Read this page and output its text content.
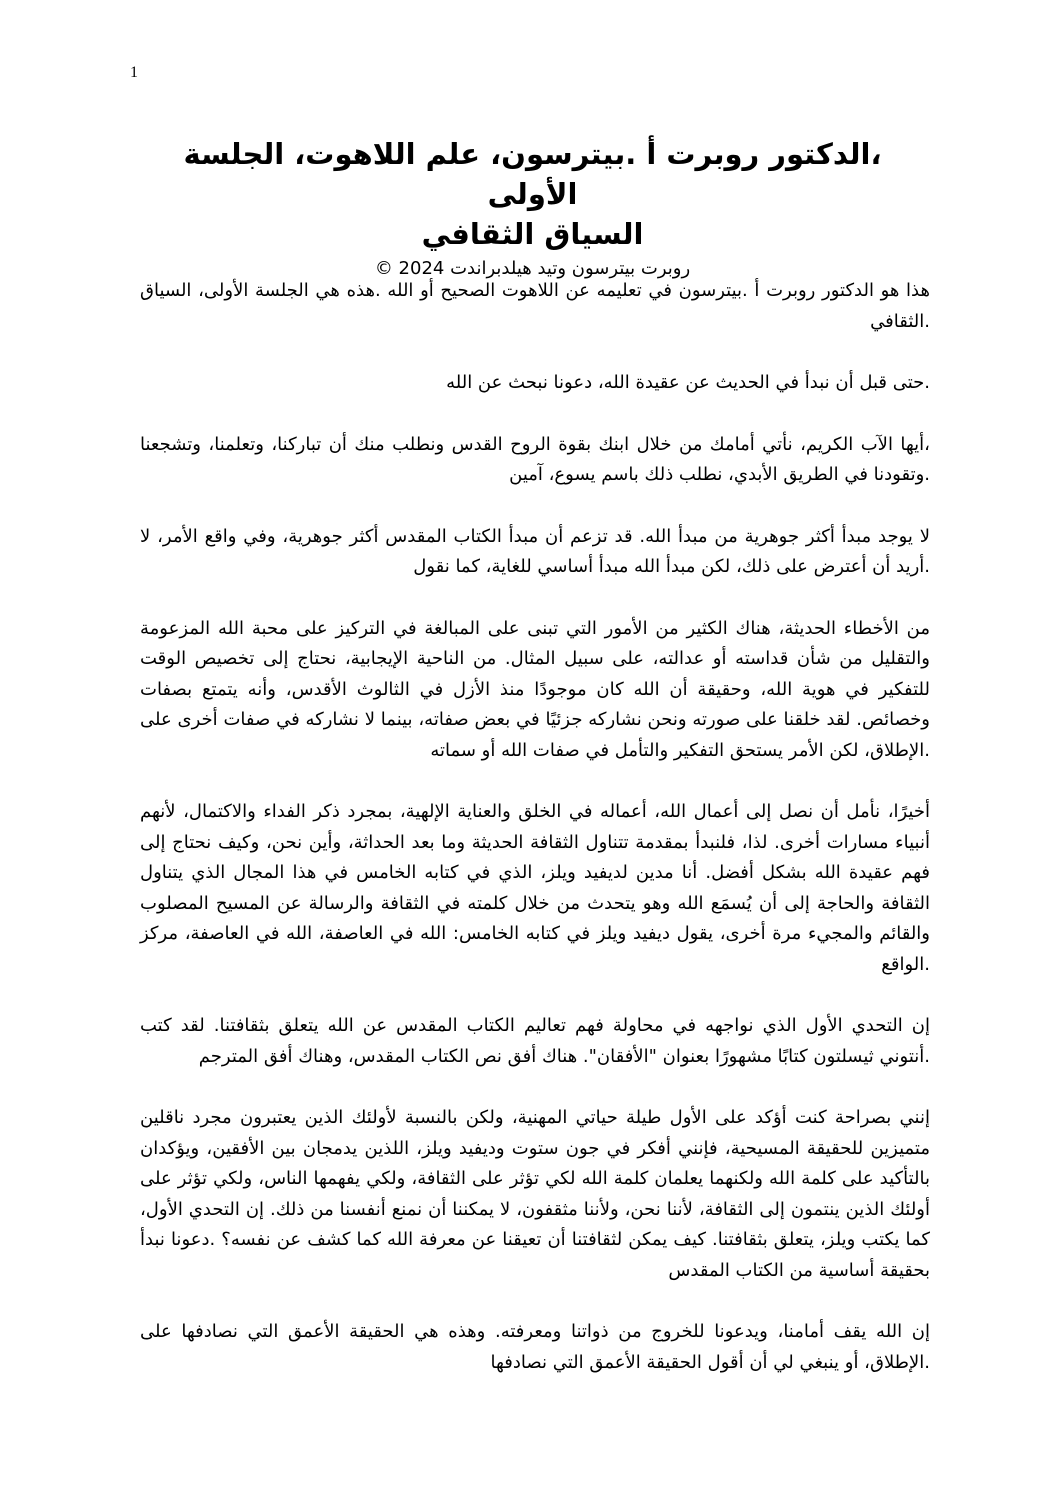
1

،الدكتور روبرت أ .بيترسون، علم اللاهوت، الجلسة الأولى

السياق الثقافي

روبرت بيترسون وتيد هيلدبراندت 2024 ©

هذا هو الدكتور روبرت أ .بيترسون في تعليمه عن اللاهوت الصحيح أو الله .هذه هي الجلسة الأولى، السياق .الثقافي

.حتى قبل أن نبدأ في الحديث عن عقيدة الله، دعونا نبحث عن الله

،أيها الآب الكريم، نأتي أمامك من خلال ابنك بقوة الروح القدس ونطلب منك أن تباركنا، وتعلمنا، وتشجعنا .وتقودنا في الطريق الأبدي، نطلب ذلك باسم يسوع، آمين

لا يوجد مبدأ أكثر جوهرية من مبدأ الله. قد تزعم أن مبدأ الكتاب المقدس أكثر جوهرية، وفي واقع الأمر، لا .أريد أن أعترض على ذلك، لكن مبدأ الله مبدأ أساسي للغاية، كما نقول

من الأخطاء الحديثة، هناك الكثير من الأمور التي تبنى على المبالغة في التركيز على محبة الله المزعومة والتقليل من شأن قداسته أو عدالته، على سبيل المثال. من الناحية الإيجابية، نحتاج إلى تخصيص الوقت للتفكير في هوية الله، وحقيقة أن الله كان موجودًا منذ الأزل في الثالوث الأقدس، وأنه يتمتع بصفات وخصائص. لقد خلقنا على صورته ونحن نشاركه جزئيًا في بعض صفاته، بينما لا نشاركه في صفات أخرى على .الإطلاق، لكن الأمر يستحق التفكير والتأمل في صفات الله أو سماته

أخيرًا، نأمل أن نصل إلى أعمال الله، أعماله في الخلق والعناية الإلهية، بمجرد ذكر الفداء والاكتمال، لأنهم أنبياء مسارات أخرى. لذا، فلنبدأ بمقدمة تتناول الثقافة الحديثة وما بعد الحداثة، وأين نحن، وكيف نحتاج إلى فهم عقيدة الله بشكل أفضل. أنا مدين لديفيد ويلز، الذي في كتابه الخامس في هذا المجال الذي يتناول الثقافة والحاجة إلى أن يُسمَع الله وهو يتحدث من خلال كلمته في الثقافة والرسالة عن المسيح المصلوب والقائم والمجيء مرة أخرى، يقول ديفيد ويلز في كتابه الخامس: الله في العاصفة، الله في العاصفة، مركز .الواقع

إن التحدي الأول الذي نواجهه في محاولة فهم تعاليم الكتاب المقدس عن الله يتعلق بثقافتنا. لقد كتب .أنتوني ثيسلتون كتابًا مشهورًا بعنوان "الأفقان". هناك أفق نص الكتاب المقدس، وهناك أفق المترجم

إنني بصراحة كنت أؤكد على الأول طيلة حياتي المهنية، ولكن بالنسبة لأولئك الذين يعتبرون مجرد ناقلين متميزين للحقيقة المسيحية، فإنني أفكر في جون ستوت وديفيد ويلز، اللذين يدمجان بين الأفقين، ويؤكدان بالتأكيد على كلمة الله ولكنهما يعلمان كلمة الله لكي تؤثر على الثقافة، ولكي يفهمها الناس، ولكي تؤثر على أولئك الذين ينتمون إلى الثقافة، لأننا نحن، ولأننا مثقفون، لا يمكننا أن نمنع أنفسنا من ذلك. إن التحدي الأول، كما يكتب ويلز، يتعلق بثقافتنا. كيف يمكن لثقافتنا أن تعيقنا عن معرفة الله كما كشف عن نفسه؟ .دعونا نبدأ بحقيقة أساسية من الكتاب المقدس

إن الله يقف أمامنا، ويدعونا للخروج من ذواتنا ومعرفته. وهذه هي الحقيقة الأعمق التي نصادفها على .الإطلاق، أو ينبغي لي أن أقول الحقيقة الأعمق التي نصادفها
